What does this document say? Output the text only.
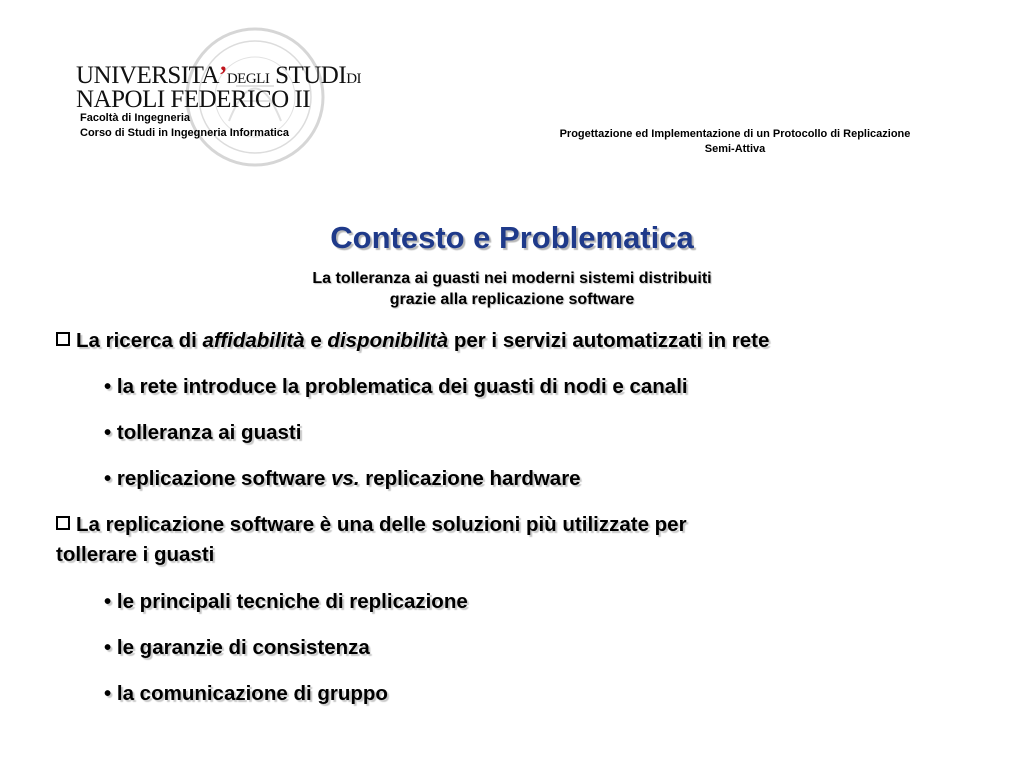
UNIVERSITA’DEGLI STUDIDI
NAPOLI FEDERICO II
Facoltà di Ingegneria
Corso di Studi in Ingegneria Informatica	Progettazione ed Implementazione di un Protocollo di Replicazione
Semi-Attiva
Contesto e Problematica
La tolleranza ai guasti nei moderni sistemi distribuiti
grazie alla replicazione software
La ricerca di affidabilità e disponibilità per i servizi automatizzati in rete
• la rete introduce la problematica dei guasti di nodi e canali
• tolleranza ai guasti
• replicazione software vs. replicazione hardware
La replicazione software è una delle soluzioni più utilizzate per
tollerare i guasti
• le principali tecniche di replicazione
• le garanzie di consistenza
• la comunicazione di gruppo
